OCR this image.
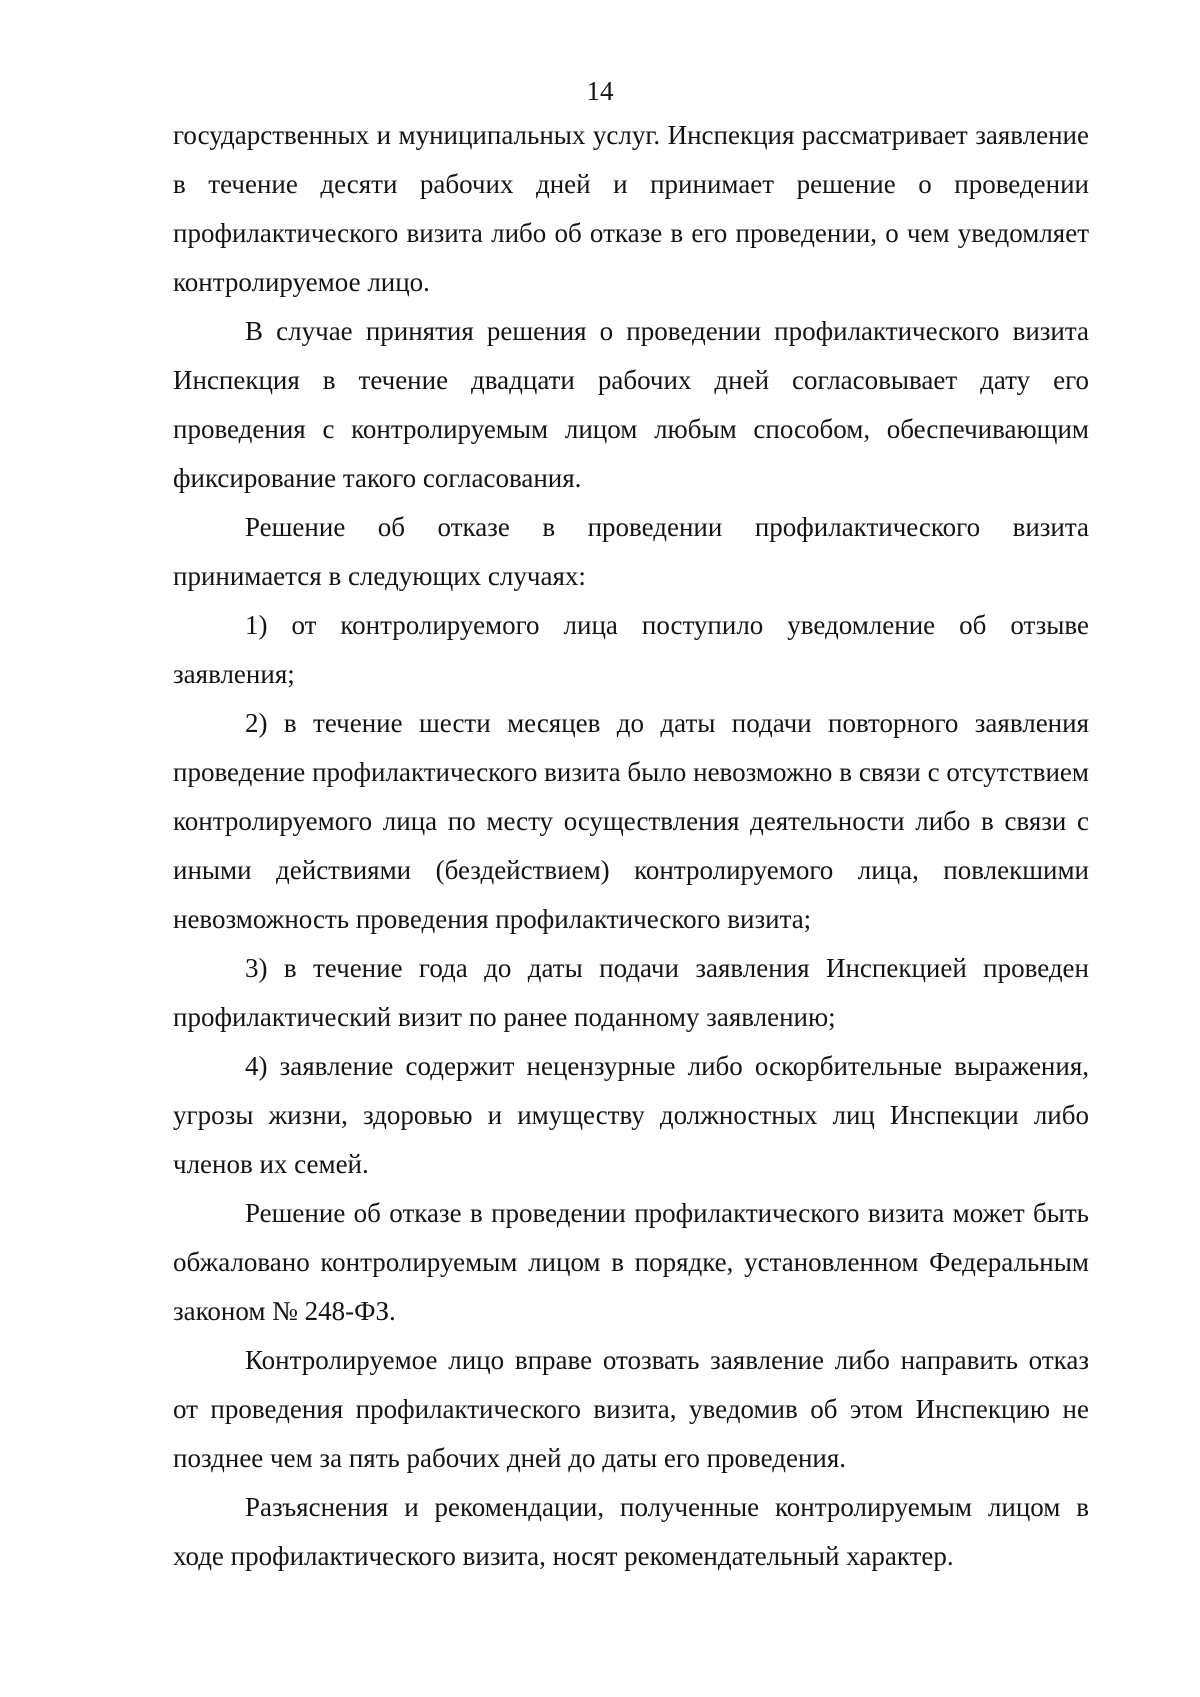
14

государственных и муниципальных услуг. Инспекция рассматривает заявление в течение десяти рабочих дней и принимает решение о проведении профилактического визита либо об отказе в его проведении, о чем уведомляет контролируемое лицо.

В случае принятия решения о проведении профилактического визита Инспекция в течение двадцати рабочих дней согласовывает дату его проведения с контролируемым лицом любым способом, обеспечивающим фиксирование такого согласования.

Решение об отказе в проведении профилактического визита принимается в следующих случаях:

1) от контролируемого лица поступило уведомление об отзыве заявления;

2) в течение шести месяцев до даты подачи повторного заявления проведение профилактического визита было невозможно в связи с отсутствием контролируемого лица по месту осуществления деятельности либо в связи с иными действиями (бездействием) контролируемого лица, повлекшими невозможность проведения профилактического визита;

3) в течение года до даты подачи заявления Инспекцией проведен профилактический визит по ранее поданному заявлению;

4) заявление содержит нецензурные либо оскорбительные выражения, угрозы жизни, здоровью и имуществу должностных лиц Инспекции либо членов их семей.

Решение об отказе в проведении профилактического визита может быть обжаловано контролируемым лицом в порядке, установленном Федеральным законом № 248-ФЗ.

Контролируемое лицо вправе отозвать заявление либо направить отказ от проведения профилактического визита, уведомив об этом Инспекцию не позднее чем за пять рабочих дней до даты его проведения.

Разъяснения и рекомендации, полученные контролируемым лицом в ходе профилактического визита, носят рекомендательный характер.
